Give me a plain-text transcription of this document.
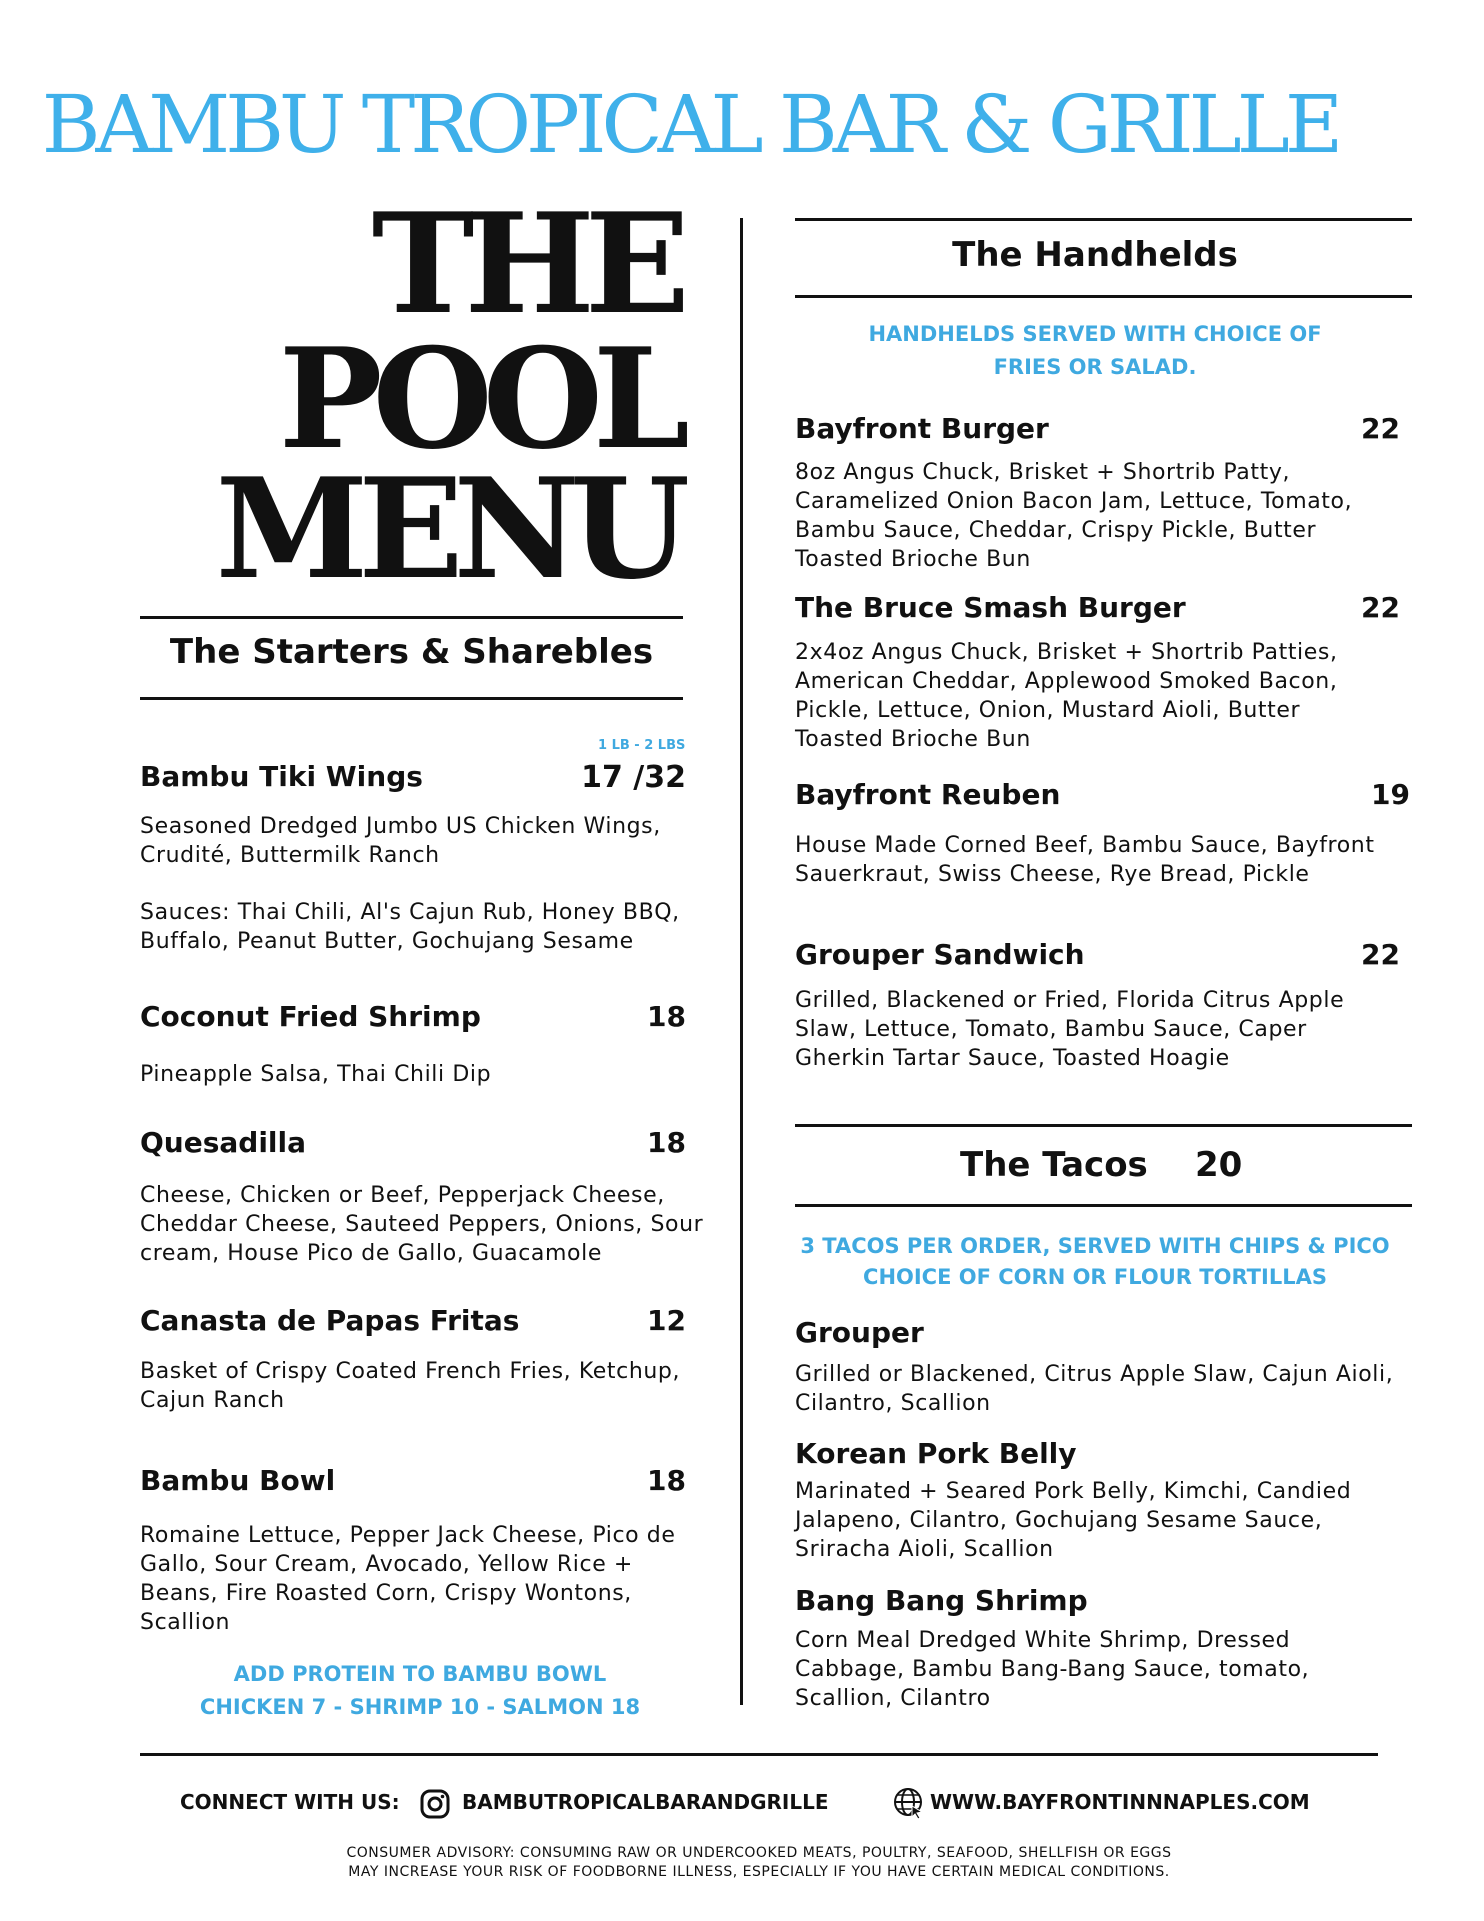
BAMBU TROPICAL BAR & GRILLE
THE
POOL
MENU
The Starters & Sharebles
1 LB - 2 LBS
Bambu Tiki Wings	17 /32
Seasoned Dredged Jumbo US Chicken Wings, Crudité, Buttermilk Ranch
Sauces: Thai Chili, Al's Cajun Rub, Honey BBQ, Buffalo, Peanut Butter, Gochujang Sesame
Coconut Fried Shrimp	18
Pineapple Salsa, Thai Chili Dip
Quesadilla	18
Cheese, Chicken or Beef, Pepperjack Cheese, Cheddar Cheese, Sauteed Peppers, Onions, Sour cream, House Pico de Gallo, Guacamole
Canasta de Papas Fritas	12
Basket of Crispy Coated French Fries, Ketchup, Cajun Ranch
Bambu Bowl	18
Romaine Lettuce, Pepper Jack Cheese, Pico de Gallo, Sour Cream, Avocado, Yellow Rice + Beans, Fire Roasted Corn, Crispy Wontons, Scallion
ADD PROTEIN TO BAMBU BOWL
CHICKEN 7 - SHRIMP 10 - SALMON 18
The Handhelds
HANDHELDS SERVED WITH CHOICE OF
FRIES OR SALAD.
Bayfront Burger	22
8oz Angus Chuck, Brisket + Shortrib Patty, Caramelized Onion Bacon Jam, Lettuce, Tomato, Bambu Sauce, Cheddar, Crispy Pickle, Butter Toasted Brioche Bun
The Bruce Smash Burger	22
2x4oz Angus Chuck, Brisket + Shortrib Patties, American Cheddar, Applewood Smoked Bacon, Pickle, Lettuce, Onion, Mustard Aioli, Butter Toasted Brioche Bun
Bayfront Reuben	19
House Made Corned Beef, Bambu Sauce, Bayfront Sauerkraut, Swiss Cheese, Rye Bread, Pickle
Grouper Sandwich	22
Grilled, Blackened or Fried, Florida Citrus Apple Slaw, Lettuce, Tomato, Bambu Sauce, Caper Gherkin Tartar Sauce, Toasted Hoagie
The Tacos	20
3 TACOS PER ORDER, SERVED WITH CHIPS & PICO
CHOICE OF CORN OR FLOUR TORTILLAS
Grouper
Grilled or Blackened, Citrus Apple Slaw, Cajun Aioli, Cilantro, Scallion
Korean Pork Belly
Marinated + Seared Pork Belly, Kimchi, Candied Jalapeno, Cilantro, Gochujang Sesame Sauce, Sriracha Aioli, Scallion
Bang Bang Shrimp
Corn Meal Dredged White Shrimp, Dressed Cabbage, Bambu Bang-Bang Sauce, tomato, Scallion, Cilantro
CONNECT WITH US:	BAMBUTROPICALBARANDGRILLE	WWW.BAYFRONTINNNAPLES.COM
CONSUMER ADVISORY: CONSUMING RAW OR UNDERCOOKED MEATS, POULTRY, SEAFOOD, SHELLFISH OR EGGS
MAY INCREASE YOUR RISK OF FOODBORNE ILLNESS, ESPECIALLY IF YOU HAVE CERTAIN MEDICAL CONDITIONS.
